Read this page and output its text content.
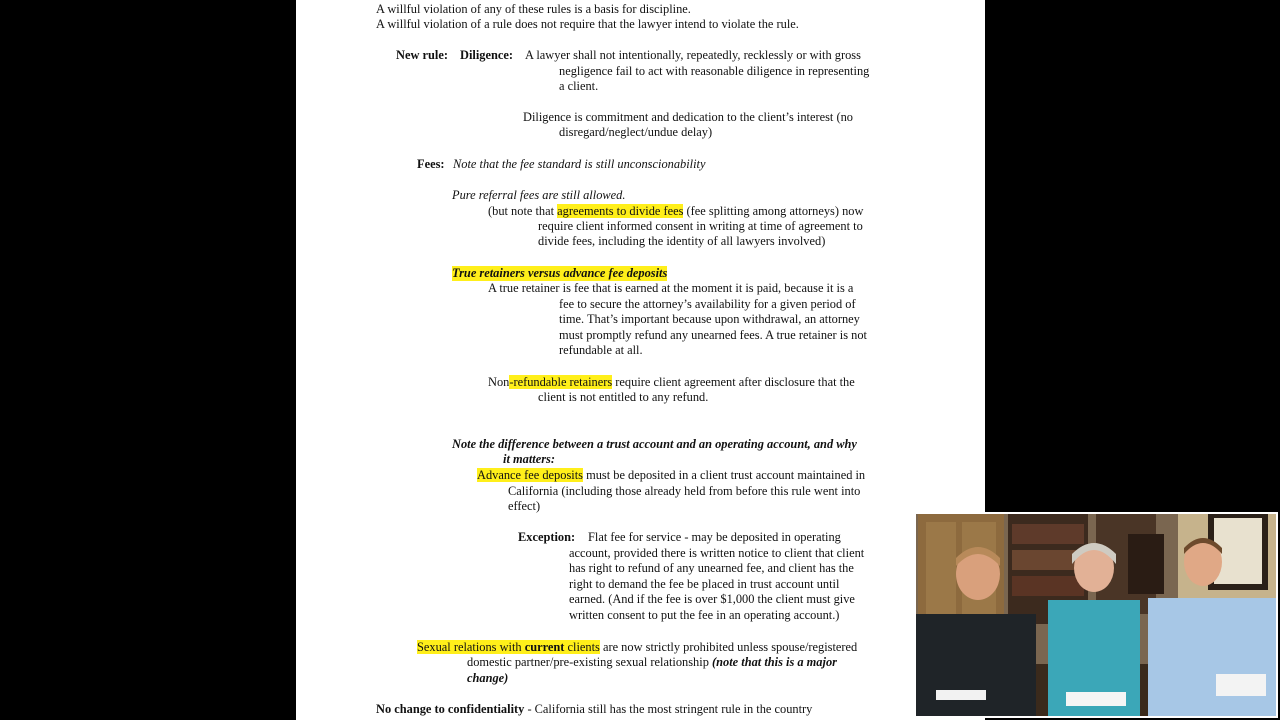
A willful violation of any of these rules is a basis for discipline.
A willful violation of a rule does not require that the lawyer intend to violate the rule.
New rule: Diligence: A lawyer shall not intentionally, repeatedly, recklessly or with gross
negligence fail to act with reasonable diligence in representing
a client.
Diligence is commitment and dedication to the client’s interest (no
disregard/neglect/undue delay)
Fees: Note that the fee standard is still unconscionability
Pure referral fees are still allowed.
(but note that agreements to divide fees (fee splitting among attorneys) now
require client informed consent in writing at time of agreement to
divide fees, including the identity of all lawyers involved)
True retainers versus advance fee deposits
A true retainer is fee that is earned at the moment it is paid, because it is a
fee to secure the attorney’s availability for a given period of
time. That’s important because upon withdrawal, an attorney
must promptly refund any unearned fees. A true retainer is not
refundable at all.
Non-refundable retainers require client agreement after disclosure that the
client is not entitled to any refund.
Note the difference between a trust account and an operating account, and why
it matters:
Advance fee deposits must be deposited in a client trust account maintained in
California (including those already held from before this rule went into
effect)
Exception: Flat fee for service - may be deposited in operating
account, provided there is written notice to client that client
has right to refund of any unearned fee, and client has the
right to demand the fee be placed in trust account until
earned. (And if the fee is over $1,000 the client must give
written consent to put the fee in an operating account.)
Sexual relations with current clients are now strictly prohibited unless spouse/registered
domestic partner/pre-existing sexual relationship (note that this is a major
change)
No change to confidentiality - California still has the most stringent rule in the country
